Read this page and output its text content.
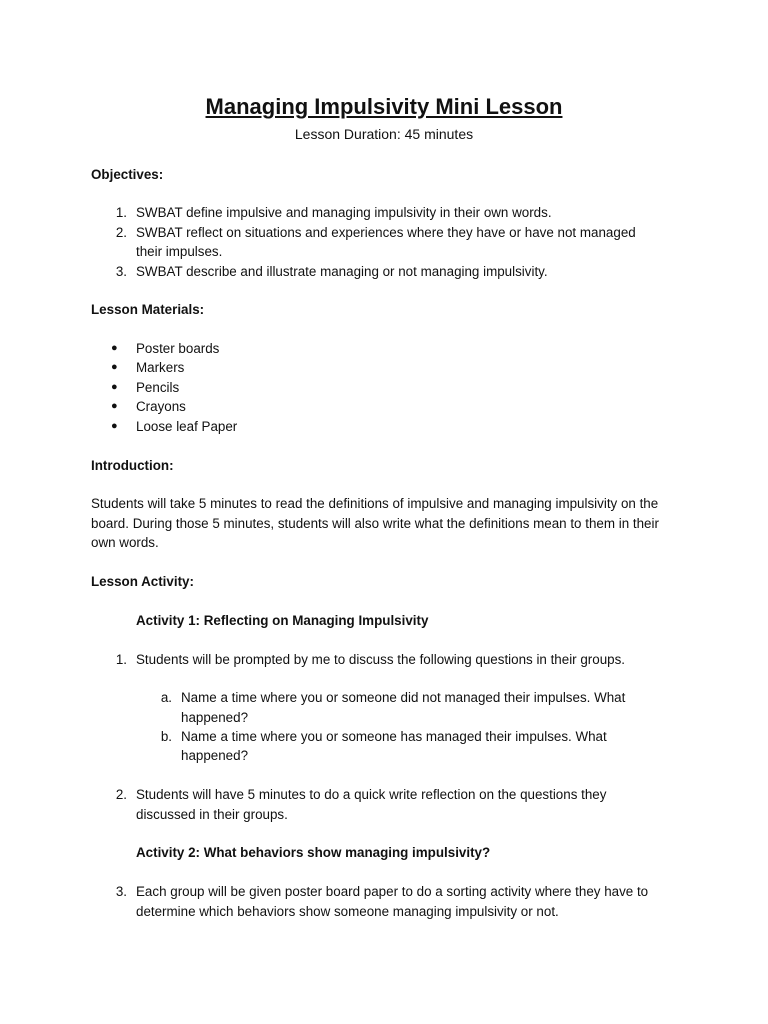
Managing Impulsivity Mini Lesson
Lesson Duration: 45 minutes
Objectives:
1. SWBAT define impulsive and managing impulsivity in their own words.
2. SWBAT reflect on situations and experiences where they have or have not managed
their impulses.
3. SWBAT describe and illustrate managing or not managing impulsivity.
Lesson Materials:
● Poster boards
● Markers
● Pencils
● Crayons
● Loose leaf Paper
Introduction:
Students will take 5 minutes to read the definitions of impulsive and managing impulsivity on the
board. During those 5 minutes, students will also write what the definitions mean to them in their
own words.
Lesson Activity:
Activity 1: Reflecting on Managing Impulsivity
1. Students will be prompted by me to discuss the following questions in their groups.
a. Name a time where you or someone did not managed their impulses. What
happened?
b. Name a time where you or someone has managed their impulses. What
happened?
2. Students will have 5 minutes to do a quick write reflection on the questions they
discussed in their groups.
Activity 2: What behaviors show managing impulsivity?
3. Each group will be given poster board paper to do a sorting activity where they have to
determine which behaviors show someone managing impulsivity or not.
